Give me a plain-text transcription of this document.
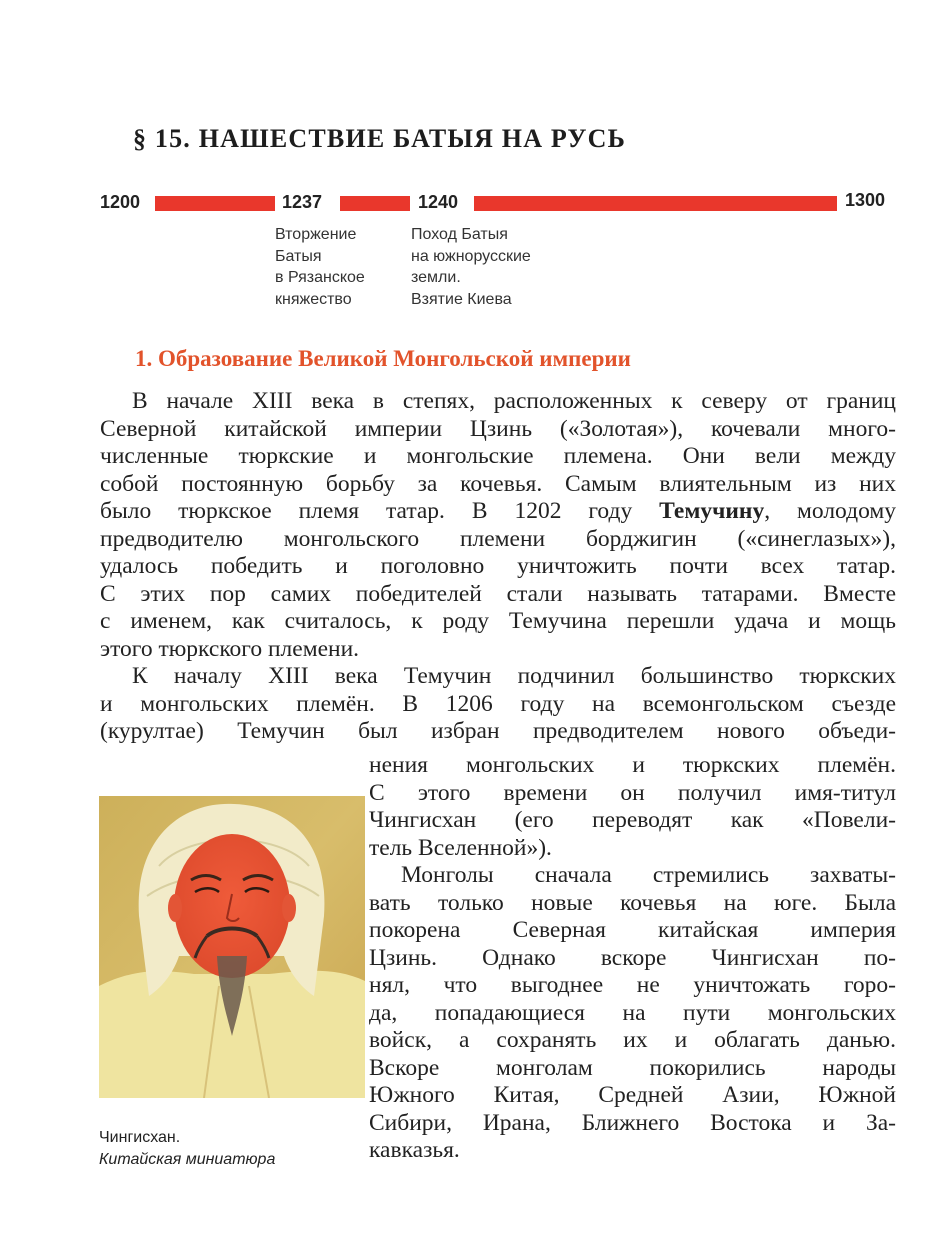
§ 15. НАШЕСТВИЕ БАТЫЯ НА РУСЬ
1200	1237	1240	1300
Вторжение
Батыя
в Рязанское
княжество
Поход Батыя
на южнорусские
земли.
Взятие Киева
1. Образование Великой Монгольской империи
В начале XIII века в степях, расположенных к северу от границ
Северной китайской империи Цзинь («Золотая»), кочевали много-
численные тюркские и монгольские племена. Они вели между
собой постоянную борьбу за кочевья. Самым влиятельным из них
было тюркское племя татар. В 1202 году Темучину, молодому
предводителю монгольского племени борджигин («синеглазых»),
удалось победить и поголовно уничтожить почти всех татар.
С этих пор самих победителей стали называть татарами. Вместе
с именем, как считалось, к роду Темучина перешли удача и мощь
этого тюркского племени.
К началу XIII века Темучин подчинил большинство тюркских
и монгольских племён. В 1206 году на всемонгольском съезде
(курултае) Темучин был избран предводителем нового объеди-
нения монгольских и тюркских племён.
С этого времени он получил имя-титул
Чингисхан (его переводят как «Повели-
тель Вселенной»).
Монголы сначала стремились захваты-
вать только новые кочевья на юге. Была
покорена Северная китайская империя
Цзинь. Однако вскоре Чингисхан по-
нял, что выгоднее не уничтожать горо-
да, попадающиеся на пути монгольских
войск, а сохранять их и облагать данью.
Вскоре монголам покорились народы
Южного Китая, Средней Азии, Южной
Сибири, Ирана, Ближнего Востока и За-
кавказья.
Чингисхан.
Китайская миниатюра
